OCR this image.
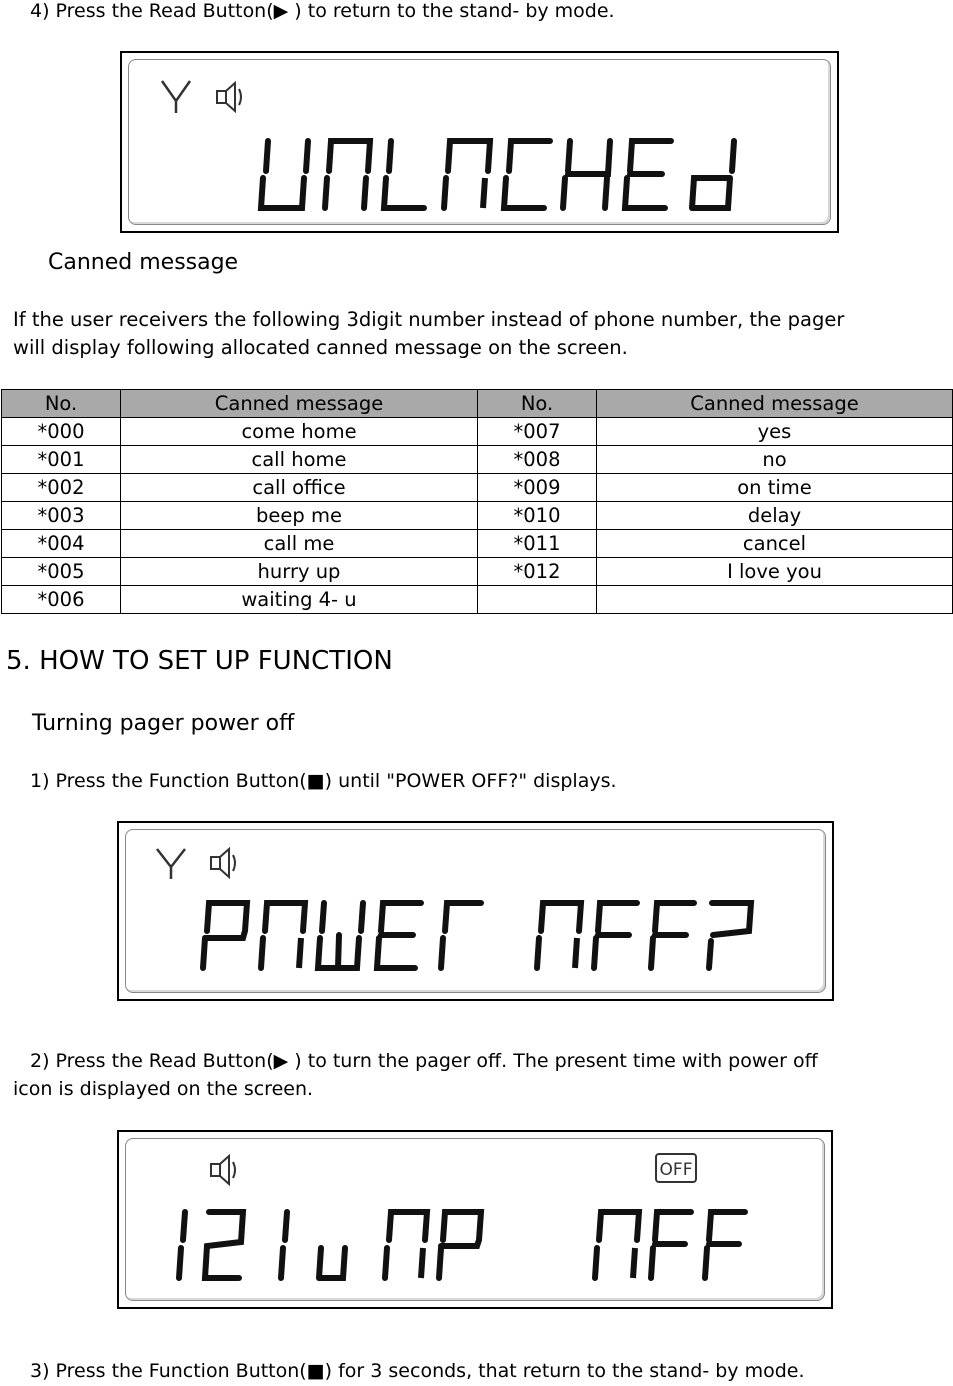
4) Press the Read Button(▶ ) to return to the stand- by mode.
Canned message
If the user receivers the following 3digit number instead of phone number, the pager
will display following allocated canned message on the screen.
No.	Canned message	No.	Canned message
*000	come home	*007	yes
*001	call home	*008	no
*002	call office	*009	on time
*003	beep me	*010	delay
*004	call me	*011	cancel
*005	hurry up	*012	I love you
*006	waiting 4- u		
5. HOW TO SET UP FUNCTION
Turning pager power off
1) Press the Function Button(■) until "POWER OFF?" displays.
2) Press the Read Button(▶ ) to turn the pager off. The present time with power off
icon is displayed on the screen.
OFF
3) Press the Function Button(■) for 3 seconds, that return to the stand- by mode.
